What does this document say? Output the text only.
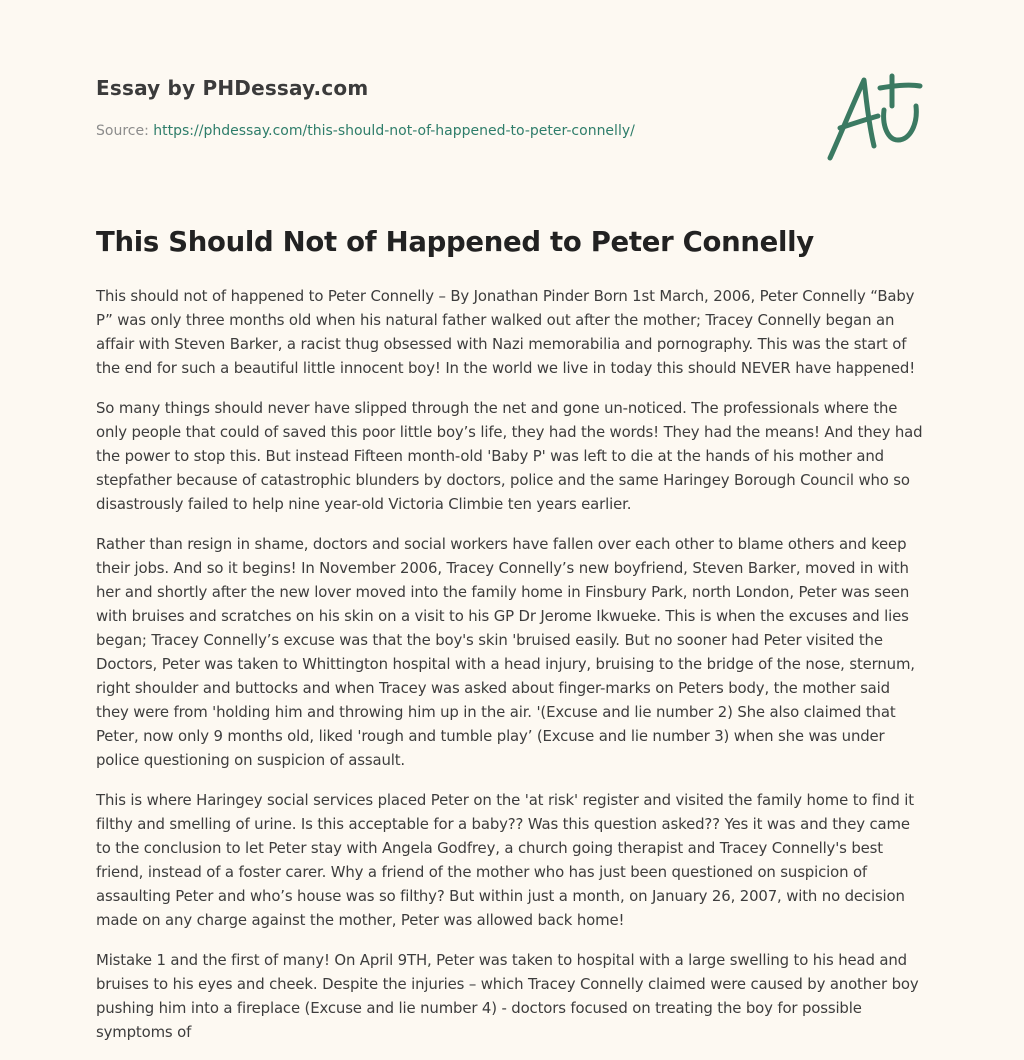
Essay by PHDessay.com
Source: https://phdessay.com/this-should-not-of-happened-to-peter-connelly/
This Should Not of Happened to Peter Connelly

This should not of happened to Peter Connelly – By Jonathan Pinder Born 1st March, 2006, Peter Connelly “Baby P” was only three months old when his natural father walked out after the mother; Tracey Connelly began an affair with Steven Barker, a racist thug obsessed with Nazi memorabilia and pornography. This was the start of the end for such a beautiful little innocent boy! In the world we live in today this should NEVER have happened!

So many things should never have slipped through the net and gone un-noticed. The professionals where the only people that could of saved this poor little boy’s life, they had the words! They had the means! And they had the power to stop this. But instead Fifteen month-old 'Baby P' was left to die at the hands of his mother and stepfather because of catastrophic blunders by doctors, police and the same Haringey Borough Council who so disastrously failed to help nine year-old Victoria Climbie ten years earlier.

Rather than resign in shame, doctors and social workers have fallen over each other to blame others and keep their jobs. And so it begins! In November 2006, Tracey Connelly’s new boyfriend, Steven Barker, moved in with her and shortly after the new lover moved into the family home in Finsbury Park, north London, Peter was seen with bruises and scratches on his skin on a visit to his GP Dr Jerome Ikwueke. This is when the excuses and lies began; Tracey Connelly’s excuse was that the boy's skin 'bruised easily. But no sooner had Peter visited the Doctors, Peter was taken to Whittington hospital with a head injury, bruising to the bridge of the nose, sternum, right shoulder and buttocks and when Tracey was asked about finger-marks on Peters body, the mother said they were from 'holding him and throwing him up in the air. '(Excuse and lie number 2) She also claimed that Peter, now only 9 months old, liked 'rough and tumble play’ (Excuse and lie number 3) when she was under police questioning on suspicion of assault.

This is where Haringey social services placed Peter on the 'at risk' register and visited the family home to find it filthy and smelling of urine. Is this acceptable for a baby?? Was this question asked?? Yes it was and they came to the conclusion to let Peter stay with Angela Godfrey, a church going therapist and Tracey Connelly's best friend, instead of a foster carer. Why a friend of the mother who has just been questioned on suspicion of assaulting Peter and who’s house was so filthy? But within just a month, on January 26, 2007, with no decision made on any charge against the mother, Peter was allowed back home!

Mistake 1 and the first of many! On April 9TH, Peter was taken to hospital with a large swelling to his head and bruises to his eyes and cheek. Despite the injuries – which Tracey Connelly claimed were caused by another boy pushing him into a fireplace (Excuse and lie number 4) - doctors focused on treating the boy for possible symptoms of
